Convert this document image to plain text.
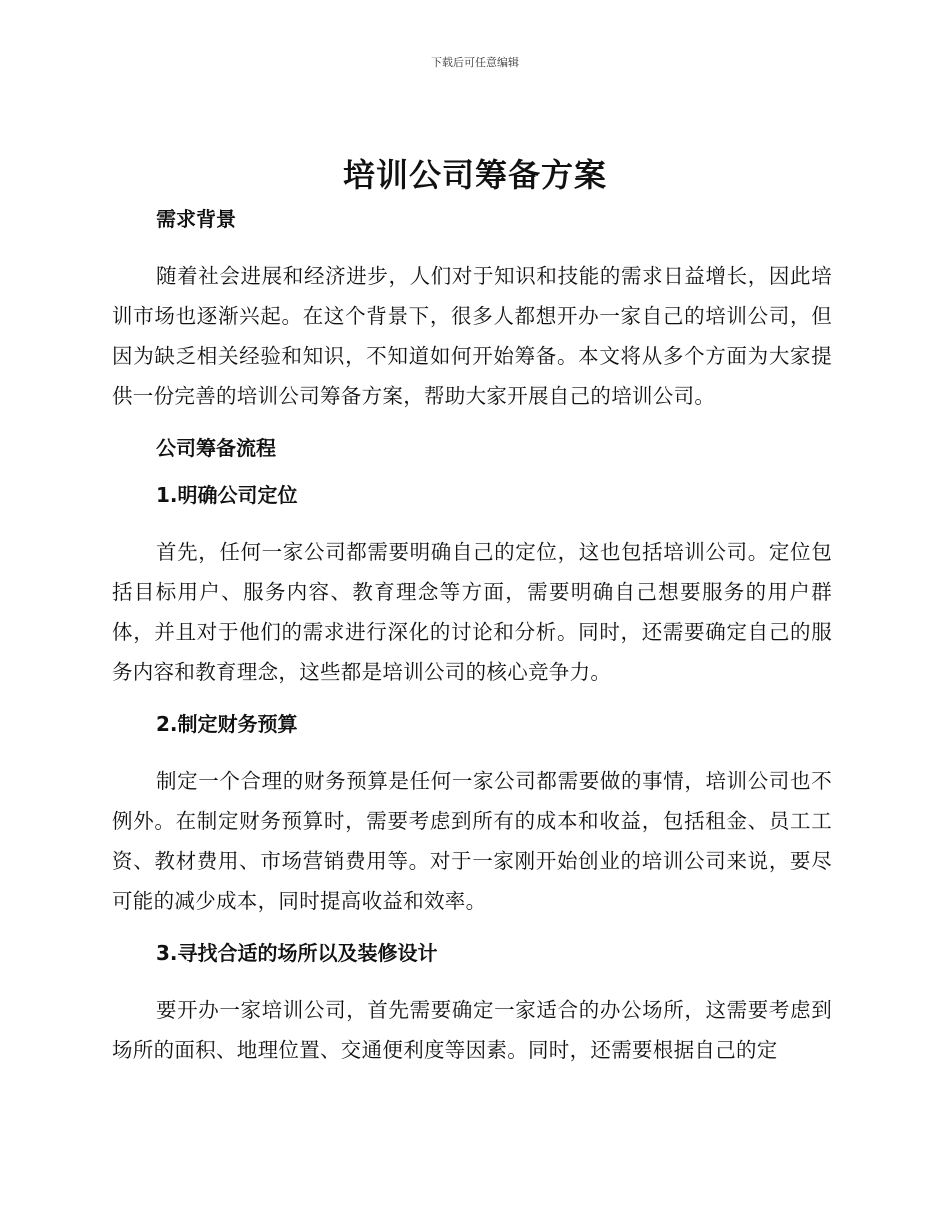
下载后可任意编辑
培训公司筹备方案
需求背景

随着社会进展和经济进步，人们对于知识和技能的需求日益增长，因此培训市场也逐渐兴起。在这个背景下，很多人都想开办一家自己的培训公司，但因为缺乏相关经验和知识，不知道如何开始筹备。本文将从多个方面为大家提供一份完善的培训公司筹备方案，帮助大家开展自己的培训公司。

公司筹备流程
1.明确公司定位

首先，任何一家公司都需要明确自己的定位，这也包括培训公司。定位包括目标用户、服务内容、教育理念等方面，需要明确自己想要服务的用户群体，并且对于他们的需求进行深化的讨论和分析。同时，还需要确定自己的服务内容和教育理念，这些都是培训公司的核心竞争力。

2.制定财务预算

制定一个合理的财务预算是任何一家公司都需要做的事情，培训公司也不例外。在制定财务预算时，需要考虑到所有的成本和收益，包括租金、员工工资、教材费用、市场营销费用等。对于一家刚开始创业的培训公司来说，要尽可能的减少成本，同时提高收益和效率。

3.寻找合适的场所以及装修设计

要开办一家培训公司，首先需要确定一家适合的办公场所，这需要考虑到场所的面积、地理位置、交通便利度等因素。同时，还需要根据自己的定
